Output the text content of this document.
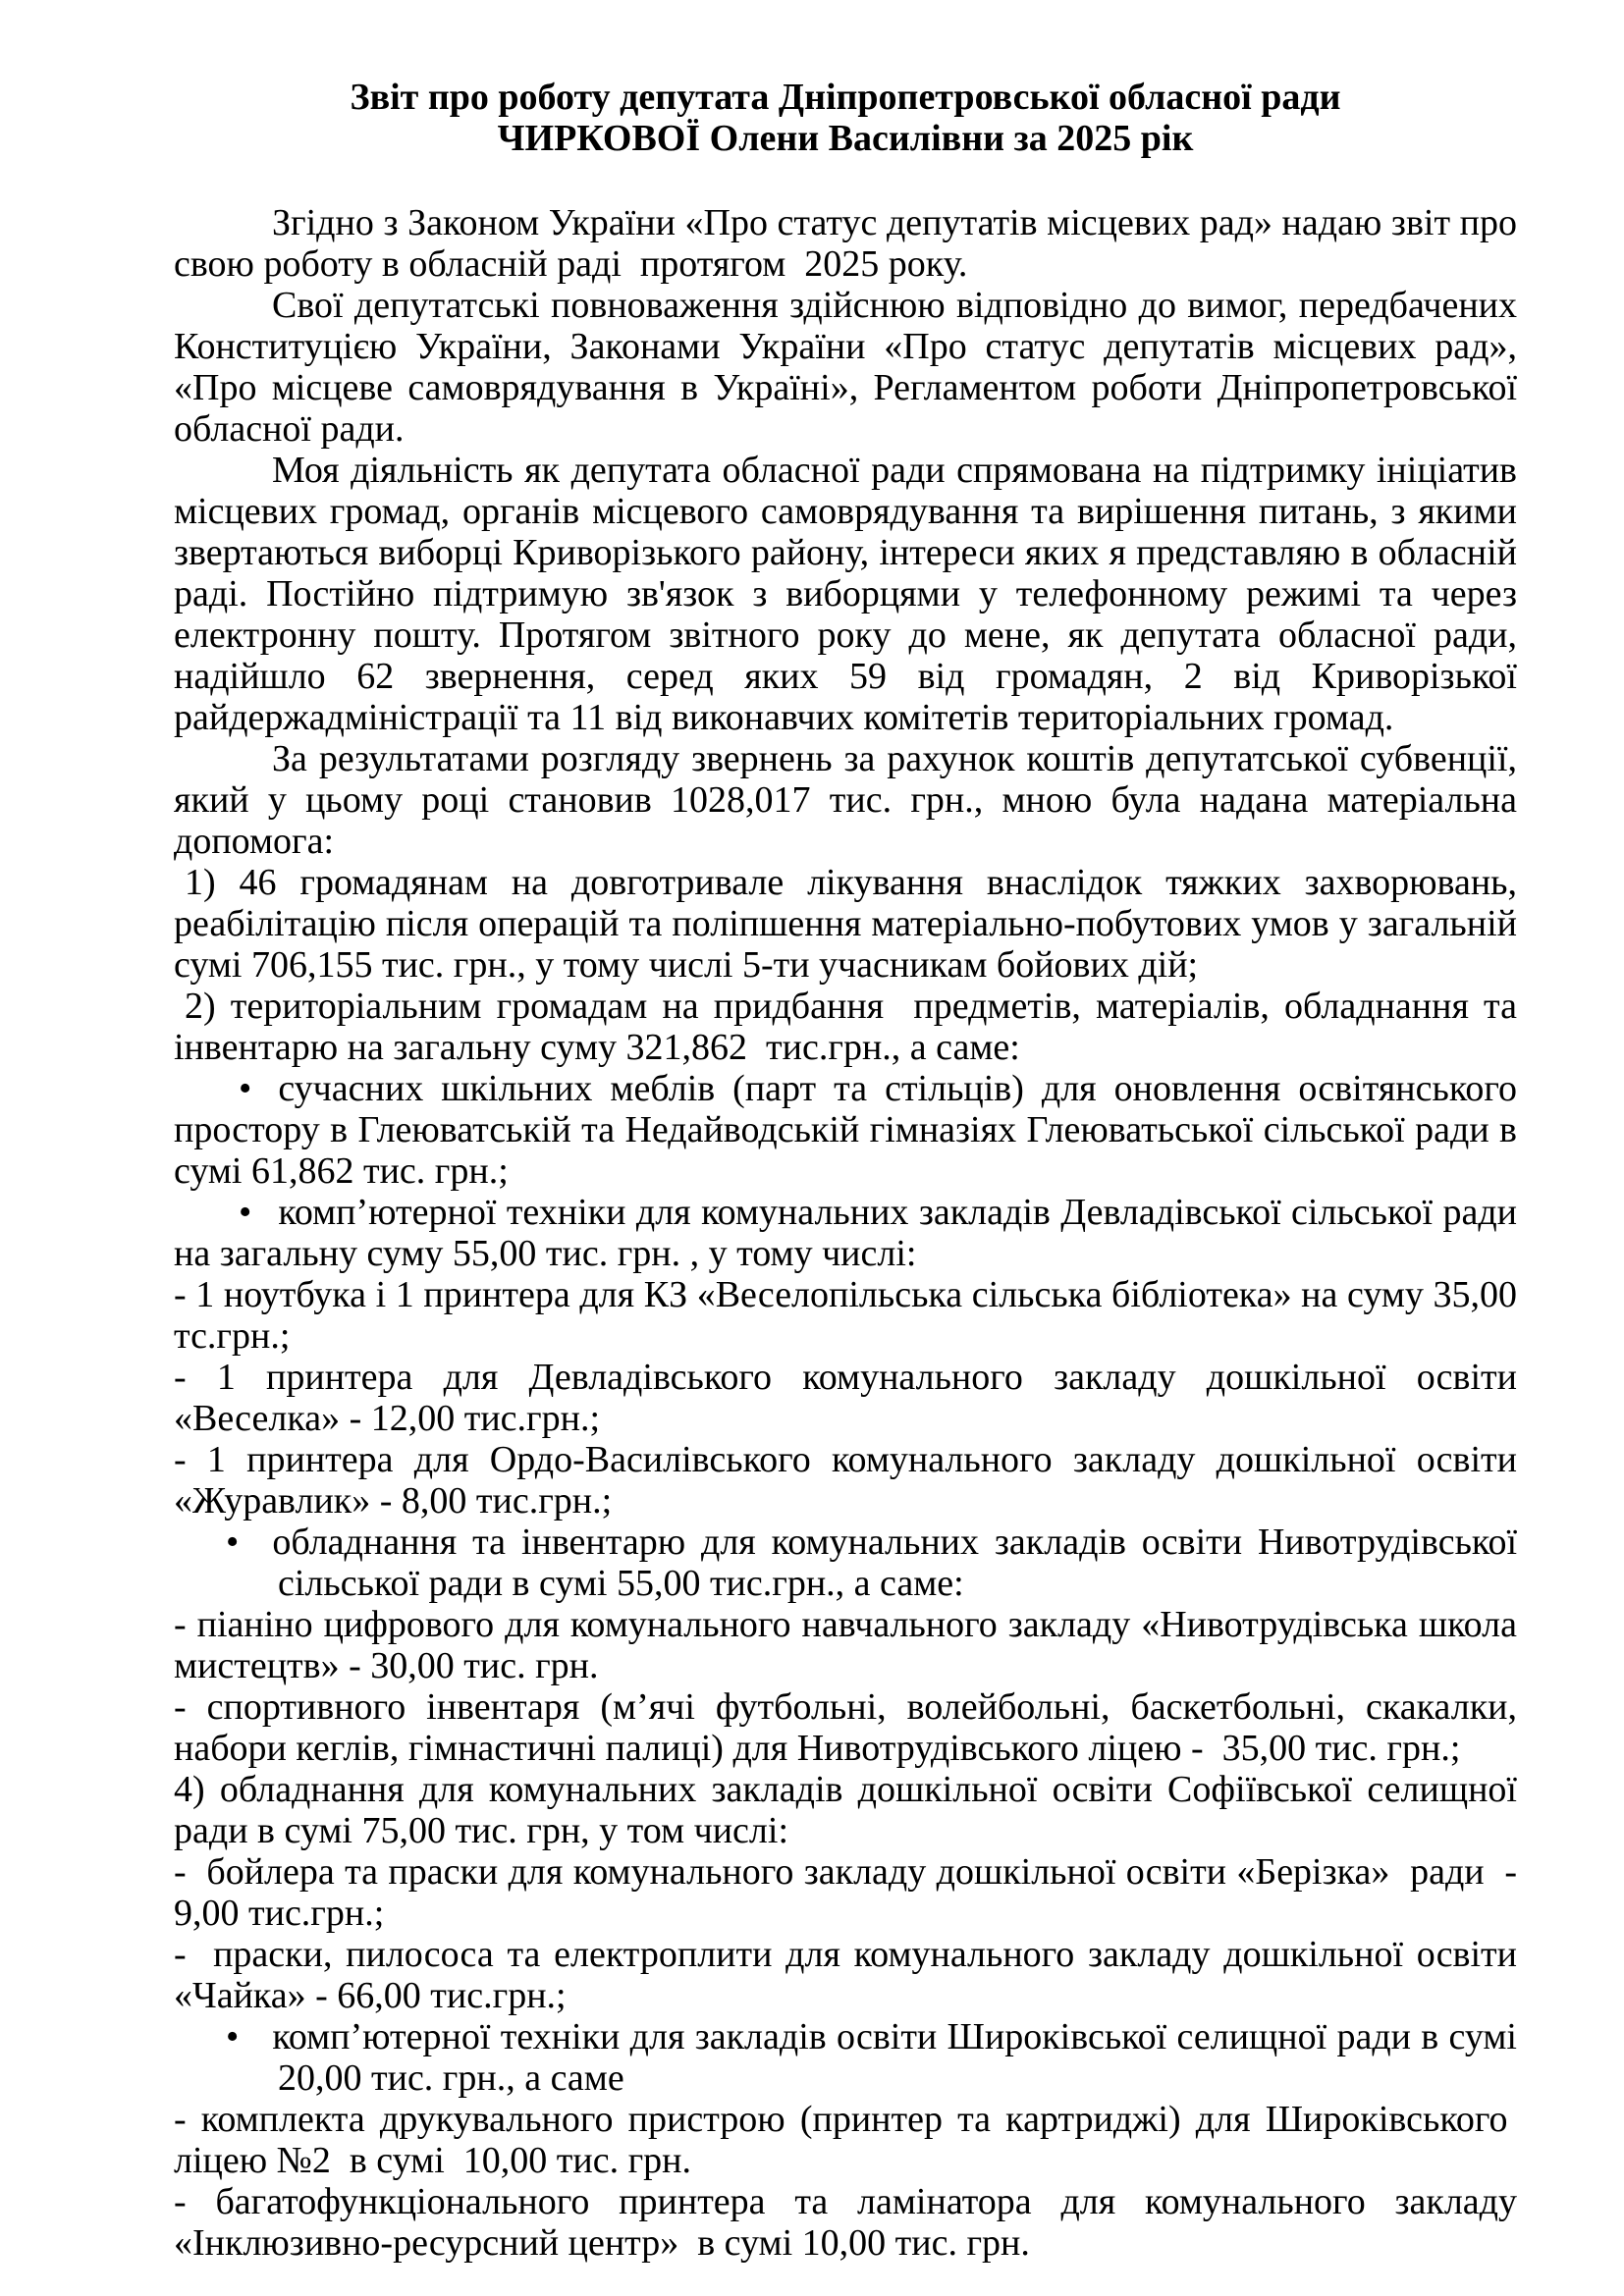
Звіт про роботу депутата Дніпропетровської обласної ради
ЧИРКОВОЇ Олени Василівни за 2025 рік

Згідно з Законом України «Про статус депутатів місцевих рад» надаю звіт про свою роботу в обласній раді  протягом  2025 року.

Свої депутатські повноваження здійснюю відповідно до вимог, передбачених Конституцією України, Законами України «Про статус депутатів місцевих рад», «Про місцеве самоврядування в Україні», Регламентом роботи Дніпропетровської обласної ради.

Моя діяльність як депутата обласної ради спрямована на підтримку ініціатив місцевих громад, органів місцевого самоврядування та вирішення питань, з якими звертаються виборці Криворізького району, інтереси яких я представляю в обласній раді. Постійно підтримую зв'язок з виборцями у телефонному режимі та через електронну пошту. Протягом звітного року до мене, як депутата обласної ради, надійшло 62 звернення, серед яких 59 від громадян, 2 від Криворізької райдержадміністрації та 11 від виконавчих комітетів територіальних громад.

За результатами розгляду звернень за рахунок коштів депутатської субвенції, який у цьому році становив 1028,017 тис. грн., мною була надана матеріальна допомога:

1) 46 громадянам на довготривале лікування внаслідок тяжких захворювань, реабілітацію після операцій та поліпшення матеріально-побутових умов у загальній сумі 706,155 тис. грн., у тому числі 5-ти учасникам бойових дій;

2) територіальним громадам на придбання  предметів, матеріалів, обладнання та інвентарю на загальну суму 321,862  тис.грн., а саме:

• сучасних шкільних меблів (парт та стільців) для оновлення освітянського простору в Глеюватській та Недайводській гімназіях Глеюватьської сільської ради в сумі 61,862 тис. грн.;

• комп’ютерної техніки для комунальних закладів Девладівської сільської ради на загальну суму 55,00 тис. грн. , у тому числі:

- 1 ноутбука і 1 принтера для КЗ «Веселопільська сільська бібліотека» на суму 35,00 тс.грн.;

- 1 принтера для Девладівського комунального закладу дошкільної освіти «Веселка» - 12,00 тис.грн.;

- 1 принтера для Ордо-Василівського комунального закладу дошкільної освіти «Журавлик» - 8,00 тис.грн.;

• обладнання та інвентарю для комунальних закладів освіти Нивотрудівської сільської ради в сумі 55,00 тис.грн., а саме:

- піаніно цифрового для комунального навчального закладу «Нивотрудівська школа мистецтв» - 30,00 тис. грн.

- спортивного інвентаря (м’ячі футбольні, волейбольні, баскетбольні, скакалки, набори кеглів, гімнастичні палиці) для Нивотрудівського ліцею -  35,00 тис. грн.;

4) обладнання для комунальних закладів дошкільної освіти Софіївської селищної ради в сумі 75,00 тис. грн, у том числі:

-  бойлера та праски для комунального закладу дошкільної освіти «Берізка»  ради  - 9,00 тис.грн.;

-  праски, пилососа та електроплити для комунального закладу дошкільної освіти «Чайка» - 66,00 тис.грн.;

• комп’ютерної техніки для закладів освіти Широківської селищної ради в сумі 20,00 тис. грн., а саме

- комплекта друкувального пристрою (принтер та картриджі) для Широківського  ліцею №2  в сумі  10,00 тис. грн.

- багатофункціонального принтера та ламінатора для комунального закладу «Інклюзивно-ресурсний центр»  в сумі 10,00 тис. грн.
